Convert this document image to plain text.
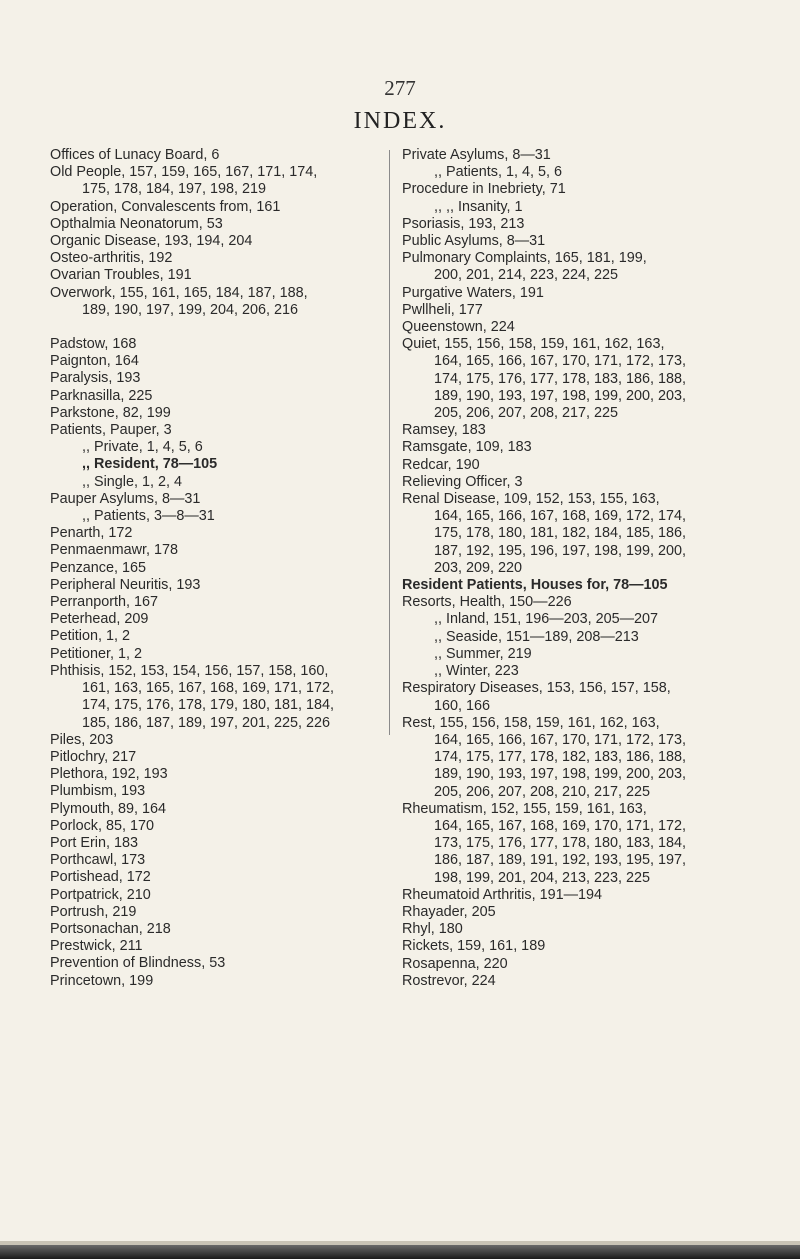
277
INDEX.
Offices of Lunacy Board, 6
Old People, 157, 159, 165, 167, 171, 174,
175, 178, 184, 197, 198, 219
Operation, Convalescents from, 161
Opthalmia Neonatorum, 53
Organic Disease, 193, 194, 204
Osteo-arthritis, 192
Ovarian Troubles, 191
Overwork, 155, 161, 165, 184, 187, 188,
189, 190, 197, 199, 204, 206, 216
Padstow, 168
Paignton, 164
Paralysis, 193
Parknasilla, 225
Parkstone, 82, 199
Patients, Pauper, 3
,, Private, 1, 4, 5, 6
,, Resident, 78—105
,, Single, 1, 2, 4
Pauper Asylums, 8—31
,, Patients, 3—8—31
Penarth, 172
Penmaenmawr, 178
Penzance, 165
Peripheral Neuritis, 193
Perranporth, 167
Peterhead, 209
Petition, 1, 2
Petitioner, 1, 2
Phthisis, 152, 153, 154, 156, 157, 158, 160,
161, 163, 165, 167, 168, 169, 171, 172,
174, 175, 176, 178, 179, 180, 181, 184,
185, 186, 187, 189, 197, 201, 225, 226
Piles, 203
Pitlochry, 217
Plethora, 192, 193
Plumbism, 193
Plymouth, 89, 164
Porlock, 85, 170
Port Erin, 183
Porthcawl, 173
Portishead, 172
Portpatrick, 210
Portrush, 219
Portsonachan, 218
Prestwick, 211
Prevention of Blindness, 53
Princetown, 199
Private Asylums, 8—31
,, Patients, 1, 4, 5, 6
Procedure in Inebriety, 71
,, ,, Insanity, 1
Psoriasis, 193, 213
Public Asylums, 8—31
Pulmonary Complaints, 165, 181, 199,
200, 201, 214, 223, 224, 225
Purgative Waters, 191
Pwllheli, 177
Queenstown, 224
Quiet, 155, 156, 158, 159, 161, 162, 163,
164, 165, 166, 167, 170, 171, 172, 173,
174, 175, 176, 177, 178, 183, 186, 188,
189, 190, 193, 197, 198, 199, 200, 203,
205, 206, 207, 208, 217, 225
Ramsey, 183
Ramsgate, 109, 183
Redcar, 190
Relieving Officer, 3
Renal Disease, 109, 152, 153, 155, 163,
164, 165, 166, 167, 168, 169, 172, 174,
175, 178, 180, 181, 182, 184, 185, 186,
187, 192, 195, 196, 197, 198, 199, 200,
203, 209, 220
Resident Patients, Houses for, 78—105
Resorts, Health, 150—226
,, Inland, 151, 196—203, 205—207
,, Seaside, 151—189, 208—213
,, Summer, 219
,, Winter, 223
Respiratory Diseases, 153, 156, 157, 158,
160, 166
Rest, 155, 156, 158, 159, 161, 162, 163,
164, 165, 166, 167, 170, 171, 172, 173,
174, 175, 177, 178, 182, 183, 186, 188,
189, 190, 193, 197, 198, 199, 200, 203,
205, 206, 207, 208, 210, 217, 225
Rheumatism, 152, 155, 159, 161, 163,
164, 165, 167, 168, 169, 170, 171, 172,
173, 175, 176, 177, 178, 180, 183, 184,
186, 187, 189, 191, 192, 193, 195, 197,
198, 199, 201, 204, 213, 223, 225
Rheumatoid Arthritis, 191—194
Rhayader, 205
Rhyl, 180
Rickets, 159, 161, 189
Rosapenna, 220
Rostrevor, 224
